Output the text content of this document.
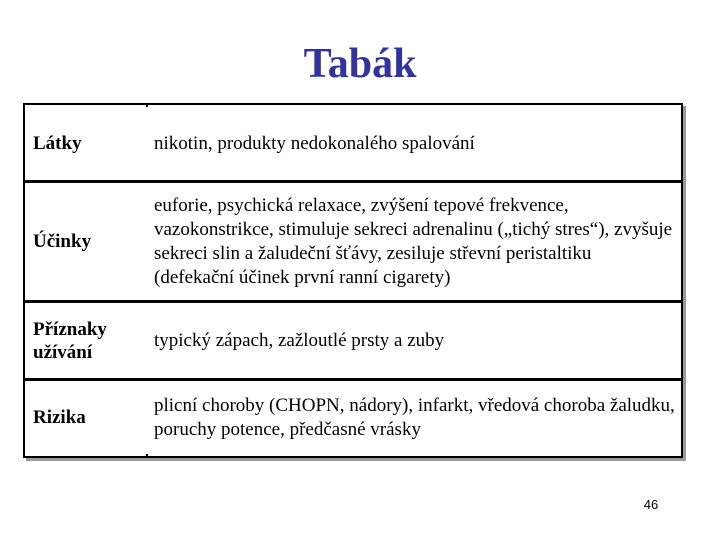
Tabák
Látky	nikotin, produkty nedokonalého spalování
Účinky
euforie, psychická relaxace, zvýšení tepové frekvence, vazokonstrikce, stimuluje sekreci adrenalinu („tichý stres“), zvyšuje sekreci slin a žaludeční šťávy, zesiluje střevní peristaltiku (defekační účinek první ranní cigarety)
Příznaky užívání
typický zápach, zažloutlé prsty a zuby
Rizika
plicní choroby (CHOPN, nádory), infarkt, vředová choroba žaludku, poruchy potence, předčasné vrásky
46
